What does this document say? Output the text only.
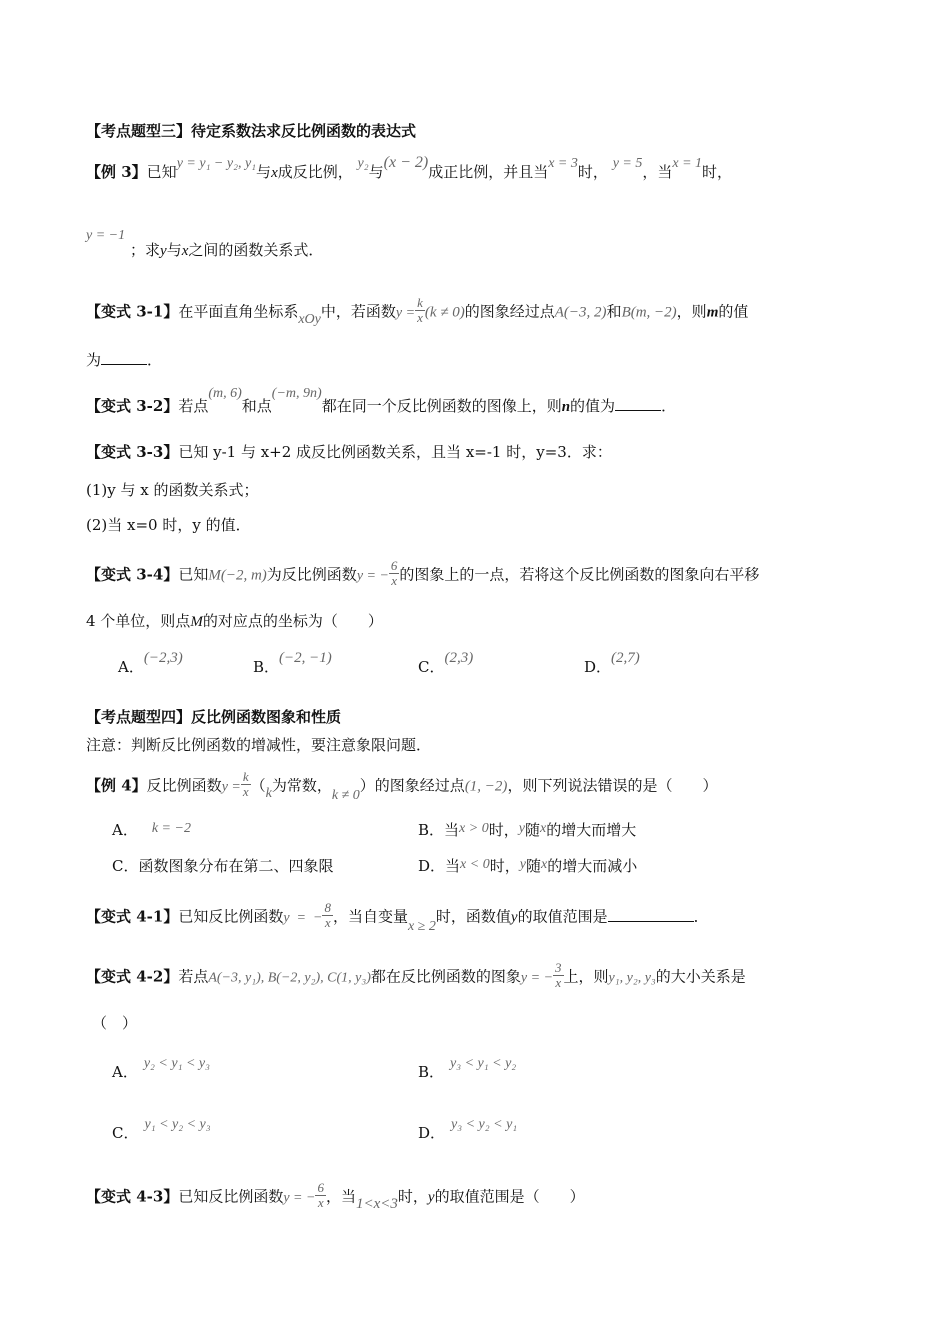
【考点题型三】待定系数法求反比例函数的表达式
【例 3】已知y = y₁ − y₂, y₁与x成反比例， y₂与(x − 2)成正比例，并且当x = 3时， y = 5，当x = 1时，
y = −1
；求y与x之间的函数关系式．
【变式 3-1】在平面直角坐标系xOy中，若函数$y = \frac{k}{x} (k \ne 0)$的图象经过点A(−3, 2)和B(m, −2)，则m的值
为	．
【变式 3-2】若点(m, 6)和点(−m, 9n)都在同一个反比例函数的图像上，则n的值为	．
【变式 3-3】已知 y-1 与 x+2 成反比例函数关系，且当 x=-1 时，y=3．求：
(1)y 与 x 的函数关系式；
(2)当 x=0 时，y 的值．
【变式 3-4】已知M(−2, m)为反比例函数y = − $\frac{6}{x}$ 的图象上的一点，若将这个反比例函数的图象向右平移
4 个单位，则点M的对应点的坐标为（　　）
A．(−2,3)	B．(−2, −1)	C．(2,3)	D．(2,7)
【考点题型四】反比例函数图象和性质
注意：判断反比例函数的增减性，要注意象限问题．
【例 4】反比例函数$y = \frac{k}{x} (k$为常数，k ≠ 0）的图象经过点(1, −2)，则下列说法错误的是（　　）
A． k = −2	B．当x > 0时，y随x的增大而增大
C．函数图象分布在第二、四象限	D．当x < 0时，y随x的增大而减小
【变式 4-1】已知反比例函数y  =  − $\frac{8}{x}$ ，当自变量x ≥ 2时，函数值y的取值范围是	．
【变式 4-2】若点A(−3, y₁), B(−2, y₂), C(1, y₃)都在反比例函数的图象y = − $\frac{3}{x}$ 上，则y₁, y₂, y₃的大小关系是
（　）
A． y₂ < y₁ < y₃	B． y₃ < y₁ < y₂
C． y₁ < y₂ < y₃	D． y₃ < y₂ < y₁
【变式 4-3】已知反比例函数y = − $\frac{6}{x}$ ，当1<x<3时，y的取值范围是（　　）
